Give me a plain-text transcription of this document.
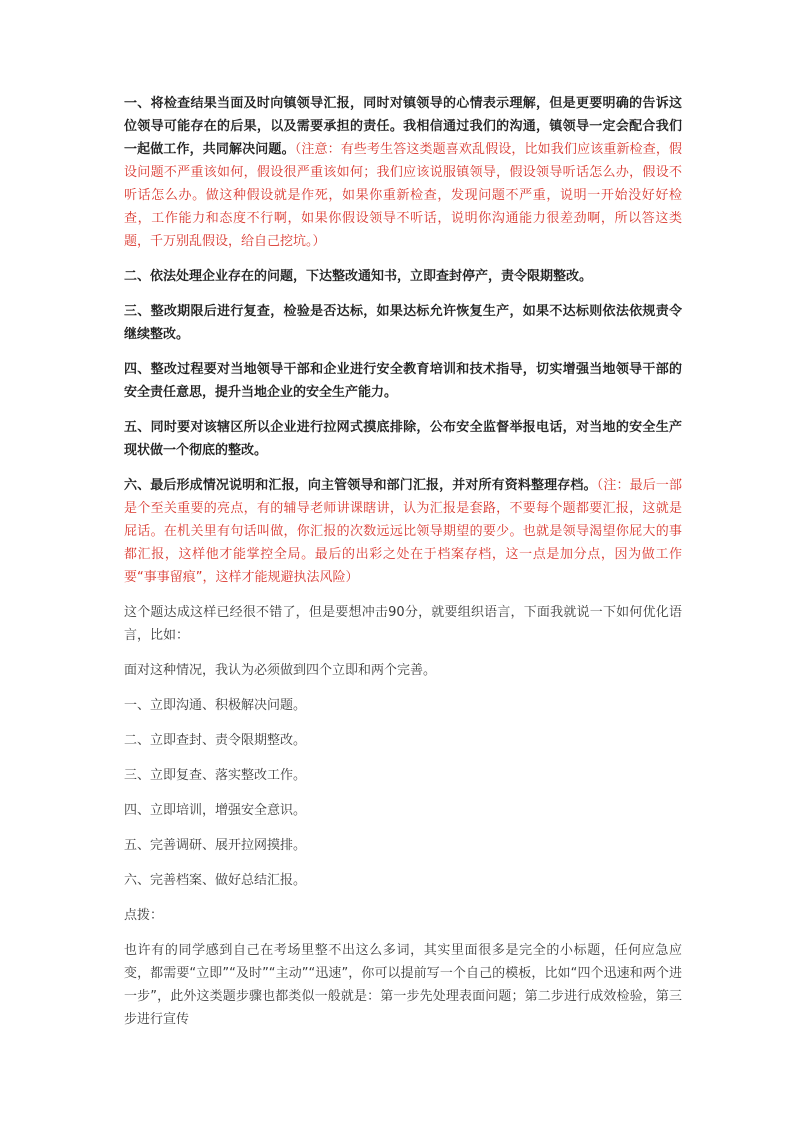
一、将检查结果当面及时向镇领导汇报，同时对镇领导的心情表示理解，但是更要明确的告诉这位领导可能存在的后果，以及需要承担的责任。我相信通过我们的沟通，镇领导一定会配合我们一起做工作，共同解决问题。（注意：有些考生答这类题喜欢乱假设，比如我们应该重新检查，假设问题不严重该如何，假设很严重该如何；我们应该说服镇领导，假设领导听话怎么办，假设不听话怎么办。做这种假设就是作死，如果你重新检查，发现问题不严重，说明一开始没好好检查，工作能力和态度不行啊，如果你假设领导不听话，说明你沟通能力很差劲啊，所以答这类题，千万别乱假设，给自己挖坑。）

二、依法处理企业存在的问题，下达整改通知书，立即查封停产，责令限期整改。

三、整改期限后进行复查，检验是否达标，如果达标允许恢复生产，如果不达标则依法依规责令继续整改。

四、整改过程要对当地领导干部和企业进行安全教育培训和技术指导，切实增强当地领导干部的安全责任意思，提升当地企业的安全生产能力。

五、同时要对该辖区所以企业进行拉网式摸底排除，公布安全监督举报电话，对当地的安全生产现状做一个彻底的整改。

六、最后形成情况说明和汇报，向主管领导和部门汇报，并对所有资料整理存档。（注：最后一部是个至关重要的亮点，有的辅导老师讲课瞎讲，认为汇报是套路，不要每个题都要汇报，这就是屁话。在机关里有句话叫做，你汇报的次数远远比领导期望的要少。也就是领导渴望你屁大的事都汇报，这样他才能掌控全局。最后的出彩之处在于档案存档，这一点是加分点，因为做工作要“事事留痕”，这样才能规避执法风险）

这个题达成这样已经很不错了，但是要想冲击90分，就要组织语言，下面我就说一下如何优化语言，比如：

面对这种情况，我认为必须做到四个立即和两个完善。

一、立即沟通、积极解决问题。

二、立即查封、责令限期整改。

三、立即复查、落实整改工作。

四、立即培训，增强安全意识。

五、完善调研、展开拉网摸排。

六、完善档案、做好总结汇报。

点拨：

也许有的同学感到自己在考场里整不出这么多词，其实里面很多是完全的小标题，任何应急应变，都需要“立即”“及时”“主动”“迅速”，你可以提前写一个自己的模板，比如“四个迅速和两个进一步”，此外这类题步骤也都类似一般就是：第一步先处理表面问题；第二步进行成效检验，第三步进行宣传
